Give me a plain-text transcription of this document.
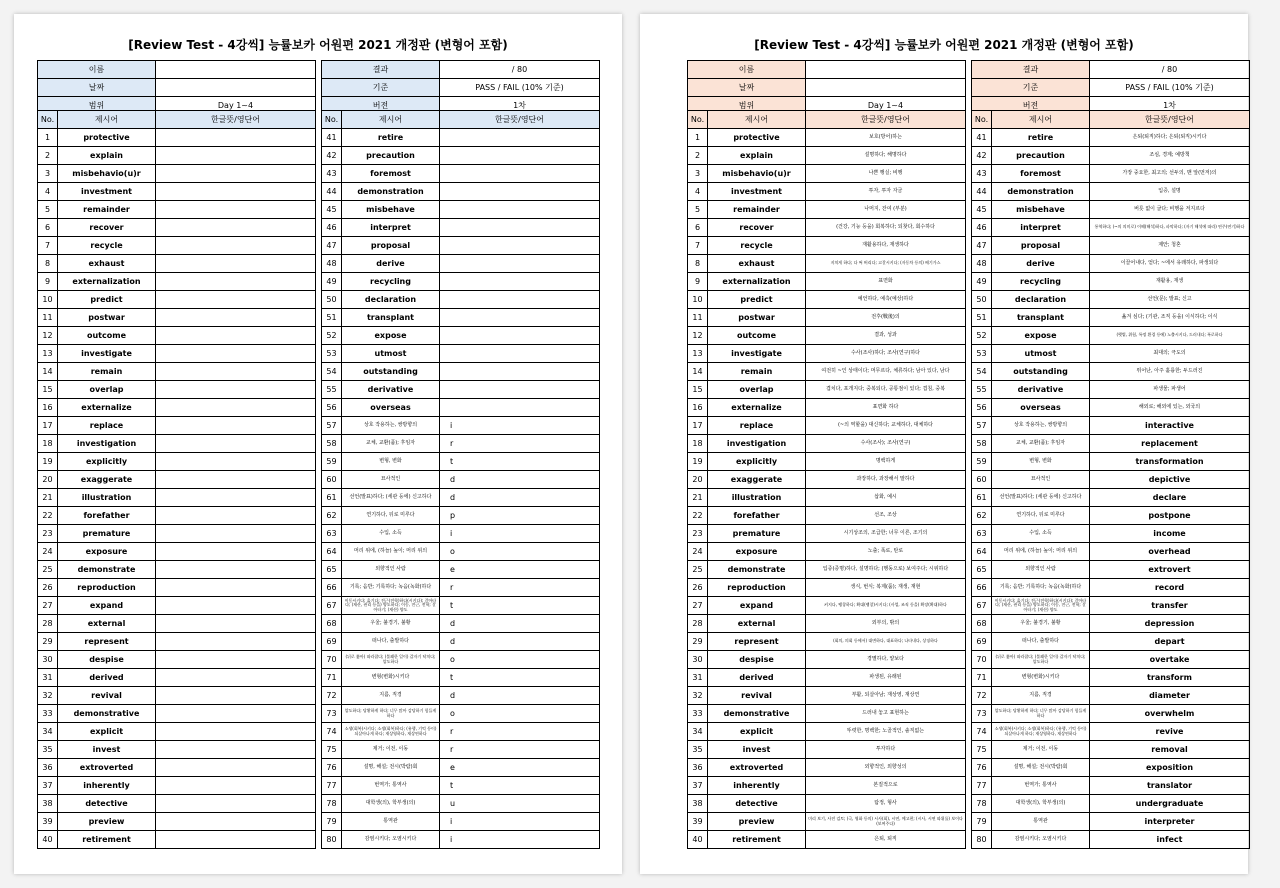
[Review Test - 4강씩] 능률보카 어원편 2021 개정판 (변형어 포함)
이름	
날짜	
범위	Day 1~4
결과	/ 80
기준	PASS / FAIL (10% 기준)
버전	1차
No.	제시어	한글뜻/영단어
1	protective	
2	explain	
3	misbehavio(u)r	
4	investment	
5	remainder	
6	recover	
7	recycle	
8	exhaust	
9	externalization	
10	predict	
11	postwar	
12	outcome	
13	investigate	
14	remain	
15	overlap	
16	externalize	
17	replace	
18	investigation	
19	explicitly	
20	exaggerate	
21	illustration	
22	forefather	
23	premature	
24	exposure	
25	demonstrate	
26	reproduction	
27	expand	
28	external	
29	represent	
30	despise	
31	derived	
32	revival	
33	demonstrative	
34	explicit	
35	invest	
36	extroverted	
37	inherently	
38	detective	
39	preview	
40	retirement	
No.	제시어	한글뜻/영단어
41	retire	
42	precaution	
43	foremost	
44	demonstration	
45	misbehave	
46	interpret	
47	proposal	
48	derive	
49	recycling	
50	declaration	
51	transplant	
52	expose	
53	utmost	
54	outstanding	
55	derivative	
56	overseas	
57	상호 작용하는, 쌍방향의	i
58	교체, 교환(품); 후임자	r
59	변형, 변화	t
60	묘사적인	d
61	선언(발표)하다; (세관 등에) 신고하다	d
62	연기하다, 뒤로 미루다	p
63	수입, 소득	i
64	머리 위에, (하늘) 높이; 머리 위의	o
65	외향적인 사람	e
66	기록; 음반; 기록하다; 녹음(녹화)하다	r
67	이동시키다; 옮기다; 전근(전학)하다(시키다); 갈아타다; (재산, 권리 등을) 양도하다; 이동, 전근, 전학; 갈아타기; (재산) 양도	t
68	우울; 불경기, 불황	d
69	떠나다, 출발하다	d
70	(뒤로 쫓아) 따라잡다; (불쾌한 일이) 갑자기 닥치다; 압도하다	o
71	변형(변화)시키다	t
72	지름, 직경	d
73	압도하다; 당황하게 하다; 너무 많아 감당하기 힘들게 하다	o
74	소생(회복)시키다; 소생(회복)하다; (유행, 기억 등이) 되살아나게 하다; 재상영하다, 재상연하다	r
75	제거; 이전, 이동	r
76	설명, 해설; 전시(박람)회	e
77	번역가; 통역사	t
78	대학생(의), 학부생(의)	u
79	통역관	i
80	감염시키다; 오염시키다	i
[Review Test - 4강씩] 능률보카 어원편 2021 개정판 (변형어 포함)
이름	
날짜	
범위	Day 1~4
결과	/ 80
기준	PASS / FAIL (10% 기준)
버전	1차
No.	제시어	한글뜻/영단어
1	protective	보호(방어)하는
2	explain	설명하다; 해명하다
3	misbehavio(u)r	나쁜 행실; 비행
4	investment	투자, 투자 자금
5	remainder	나머지, 잔여 (부분)
6	recover	(건강, 기능 등을) 회복하다; 되찾다, 회수하다
7	recycle	재활용하다, 재생하다
8	exhaust	지치게 하다; 다 써 버리다; 고갈시키다; (자동차 등의) 배기가스
9	externalization	표면화
10	predict	예언하다, 예측(예상)하다
11	postwar	전후(戰後)의
12	outcome	결과, 성과
13	investigate	수사(조사)하다; 조사(연구)하다
14	remain	여전히 ~인 상태이다; 머무르다, 체류하다; 남아 있다, 남다
15	overlap	겹치다, 포개지다; 중복되다, 공통점이 있다; 겹침, 중복
16	externalize	표면화 하다
17	replace	(~의 역할을) 대신하다; 교체하다, 대체하다
18	investigation	수사(조사); 조사(연구)
19	explicitly	명백하게
20	exaggerate	과장하다, 과장해서 말하다
21	illustration	삽화, 예시
22	forefather	선조, 조상
23	premature	시기상조의, 조급한; 너무 이른, 조기의
24	exposure	노출; 폭로, 탄로
25	demonstrate	입증(증명)하다, 설명하다; (행동으로) 보여주다; 시위하다
26	reproduction	생식, 번식; 복제(품); 재생, 재현
27	expand	커지다, 팽창하다; 확대(팽창)시키다; (사업, 조직 등을) 확장(확대)하다
28	external	외부의, 밖의
29	represent	(회의, 의회 등에서) 대변하다, 대표하다; 나타내다, 상징하다
30	despise	경멸하다, 얕보다
31	derived	파생된, 유래된
32	revival	부활, 되살아남; 재상영, 재상연
33	demonstrative	드러내 놓고 표현하는
34	explicit	뚜렷한, 명백한; 노골적인, 솔직없는
35	invest	투자하다
36	extroverted	외향적인, 외향성의
37	inherently	본질적으로
38	detective	탐정, 형사
39	preview	미리 보기, 사전 검토; (극, 영화 등의) 시사(회), 시연, 예고편; (시사, 시연 따위를) 보이다(보여주다)
40	retirement	은퇴, 퇴직
No.	제시어	한글뜻/영단어
41	retire	은퇴(퇴직)하다; 은퇴(퇴직)시키다
42	precaution	조심, 경계; 예방책
43	foremost	가장 중요한, 최고의; 선두의, 맨 앞(먼저)의
44	demonstration	입증, 설명
45	misbehave	버릇 없이 굴다; 비행을 저지르다
46	interpret	통역하다; (~의 의미로) 이해(해석)하다, 파악하다; (자기 해석에 따라) 연주(연기)하다
47	proposal	제안; 청혼
48	derive	이끌어내다, 얻다; ~에서 유래하다, 파생되다
49	recycling	재활용, 재생
50	declaration	선언(문); 발표; 신고
51	transplant	옮겨 심다; (기관, 조직 등을) 이식하다; 이식
52	expose	(햇볕, 위험, 특정 환경 등에) 노출시키다, 드러내다; 폭로하다
53	utmost	최대의; 극도의
54	outstanding	뛰어난, 아주 훌륭한; 두드러진
55	derivative	파생물; 파생어
56	overseas	해외로; 해외에 있는, 외국의
57	상호 작용하는, 쌍방향의	interactive
58	교체, 교환(품); 후임자	replacement
59	변형, 변화	transformation
60	묘사적인	depictive
61	선언(발표)하다; (세관 등에) 신고하다	declare
62	연기하다, 뒤로 미루다	postpone
63	수입, 소득	income
64	머리 위에, (하늘) 높이; 머리 위의	overhead
65	외향적인 사람	extrovert
66	기록; 음반; 기록하다; 녹음(녹화)하다	record
67	이동시키다; 옮기다; 전근(전학)하다(시키다); 갈아타다; (재산, 권리 등을) 양도하다; 이동, 전근, 전학; 갈아타기; (재산) 양도	transfer
68	우울; 불경기, 불황	depression
69	떠나다, 출발하다	depart
70	(뒤로 쫓아) 따라잡다; (불쾌한 일이) 갑자기 닥치다; 압도하다	overtake
71	변형(변화)시키다	transform
72	지름, 직경	diameter
73	압도하다; 당황하게 하다; 너무 많아 감당하기 힘들게 하다	overwhelm
74	소생(회복)시키다; 소생(회복)하다; (유행, 기억 등이) 되살아나게 하다; 재상영하다, 재상연하다	revive
75	제거; 이전, 이동	removal
76	설명, 해설; 전시(박람)회	exposition
77	번역가; 통역사	translator
78	대학생(의), 학부생(의)	undergraduate
79	통역관	interpreter
80	감염시키다; 오염시키다	infect
